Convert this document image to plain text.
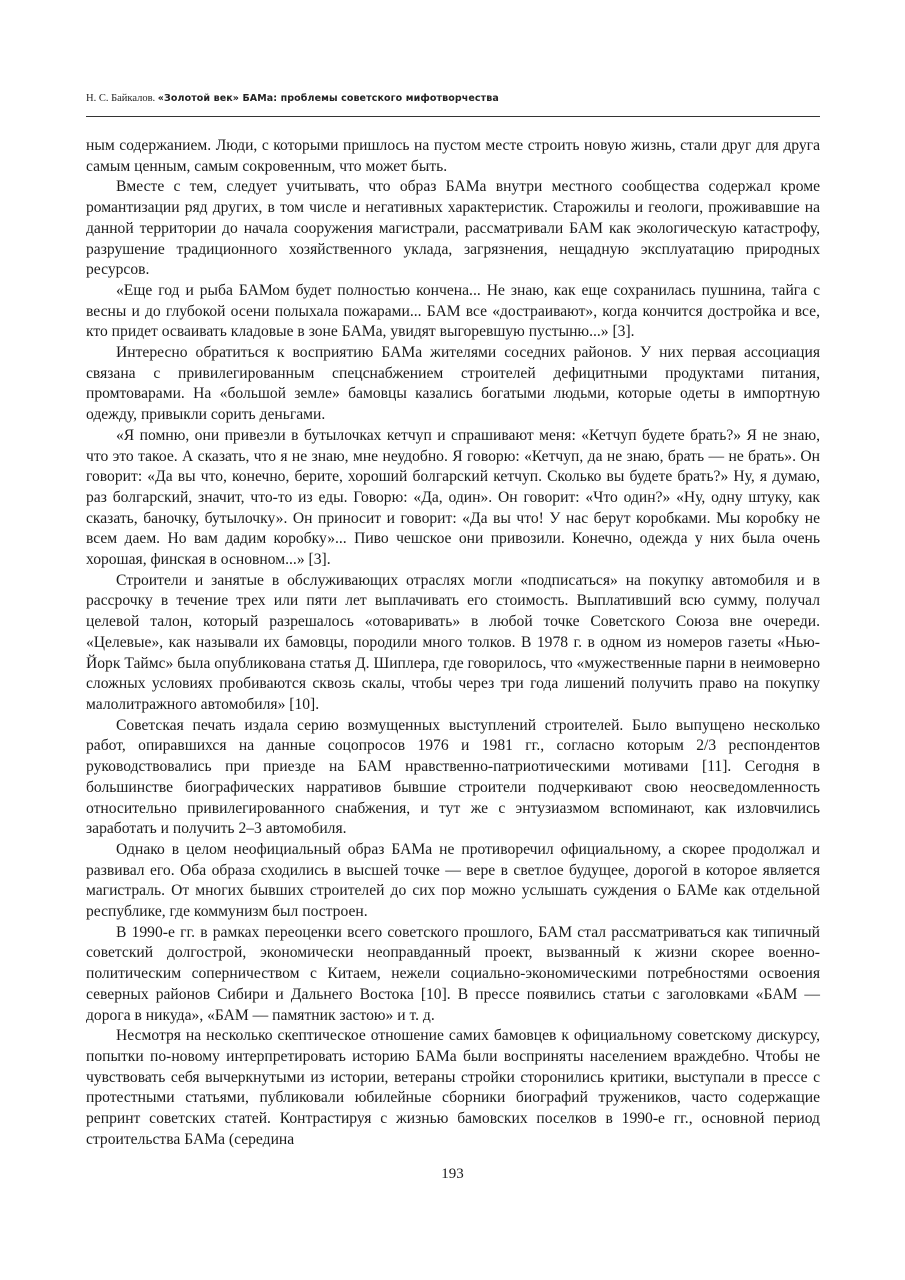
Н. С. Байкалов. «Золотой век» БАМа: проблемы советского мифотворчества

ным содержанием. Люди, с которыми пришлось на пустом месте строить новую жизнь, стали друг для друга самым ценным, самым сокровенным, что может быть.

Вместе с тем, следует учитывать, что образ БАМа внутри местного сообщества содержал кроме романтизации ряд других, в том числе и негативных характеристик. Старожилы и геологи, проживавшие на данной территории до начала сооружения магистрали, рассматривали БАМ как экологическую катастрофу, разрушение традиционного хозяйственного уклада, загрязнения, нещадную эксплуатацию природных ресурсов.

«Еще год и рыба БАМом будет полностью кончена... Не знаю, как еще сохранилась пушнина, тайга с весны и до глубокой осени полыхала пожарами... БАМ все «достраивают», когда кончится достройка и все, кто придет осваивать кладовые в зоне БАМа, увидят выгоревшую пустыню...» [3].

Интересно обратиться к восприятию БАМа жителями соседних районов. У них первая ассоциация связана с привилегированным спецснабжением строителей дефицитными продуктами питания, промтоварами. На «большой земле» бамовцы казались богатыми людьми, которые одеты в импортную одежду, привыкли сорить деньгами.

«Я помню, они привезли в бутылочках кетчуп и спрашивают меня: «Кетчуп будете брать?» Я не знаю, что это такое. А сказать, что я не знаю, мне неудобно. Я говорю: «Кетчуп, да не знаю, брать — не брать». Он говорит: «Да вы что, конечно, берите, хороший болгарский кетчуп. Сколько вы будете брать?» Ну, я думаю, раз болгарский, значит, что-то из еды. Говорю: «Да, один». Он говорит: «Что один?» «Ну, одну штуку, как сказать, баночку, бутылочку». Он приносит и говорит: «Да вы что! У нас берут коробками. Мы коробку не всем даем. Но вам дадим коробку»... Пиво чешское они привозили. Конечно, одежда у них была очень хорошая, финская в основном...» [3].

Строители и занятые в обслуживающих отраслях могли «подписаться» на покупку автомобиля и в рассрочку в течение трех или пяти лет выплачивать его стоимость. Выплативший всю сумму, получал целевой талон, который разрешалось «отоваривать» в любой точке Советского Союза вне очереди. «Целевые», как называли их бамовцы, породили много толков. В 1978 г. в одном из номеров газеты «Нью-Йорк Таймс» была опубликована статья Д. Шиплера, где говорилось, что «мужественные парни в неимоверно сложных условиях пробиваются сквозь скалы, чтобы через три года лишений получить право на покупку малолитражного автомобиля» [10].

Советская печать издала серию возмущенных выступлений строителей. Было выпущено несколько работ, опиравшихся на данные соцопросов 1976 и 1981 гг., согласно которым 2/3 респондентов руководствовались при приезде на БАМ нравственно-патриотическими мотивами [11]. Сегодня в большинстве биографических нарративов бывшие строители подчеркивают свою неосведомленность относительно привилегированного снабжения, и тут же с энтузиазмом вспоминают, как изловчились заработать и получить 2–3 автомобиля.

Однако в целом неофициальный образ БАМа не противоречил официальному, а скорее продолжал и развивал его. Оба образа сходились в высшей точке — вере в светлое будущее, дорогой в которое является магистраль. От многих бывших строителей до сих пор можно услышать суждения о БАМе как отдельной республике, где коммунизм был построен.

В 1990-е гг. в рамках переоценки всего советского прошлого, БАМ стал рассматриваться как типичный советский долгострой, экономически неоправданный проект, вызванный к жизни скорее военно-политическим соперничеством с Китаем, нежели социально-экономическими потребностями освоения северных районов Сибири и Дальнего Востока [10]. В прессе появились статьи с заголовками «БАМ — дорога в никуда», «БАМ — памятник застою» и т. д.

Несмотря на несколько скептическое отношение самих бамовцев к официальному советскому дискурсу, попытки по-новому интерпретировать историю БАМа были восприняты населением враждебно. Чтобы не чувствовать себя вычеркнутыми из истории, ветераны стройки сторонились критики, выступали в прессе с протестными статьями, публиковали юбилейные сборники биографий тружеников, часто содержащие репринт советских статей. Контрастируя с жизнью бамовских поселков в 1990-е гг., основной период строительства БАМа (середина

193
